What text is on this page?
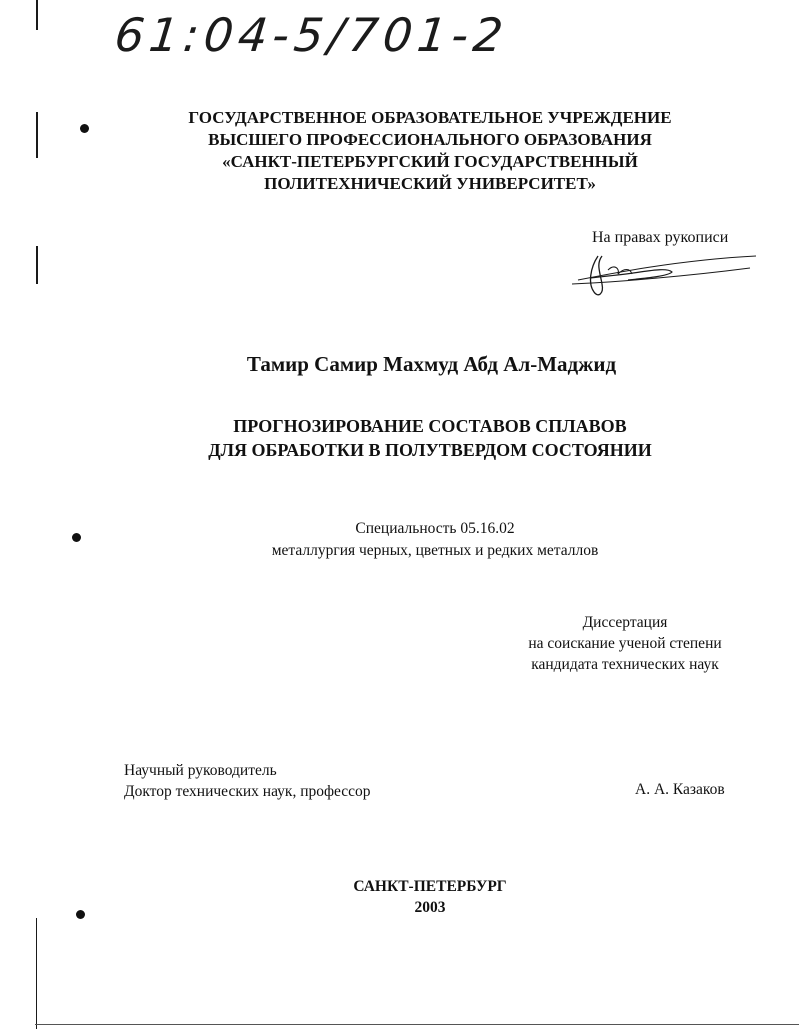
61:04-5/701-2
ГОСУДАРСТВЕННОЕ ОБРАЗОВАТЕЛЬНОЕ УЧРЕЖДЕНИЕ
ВЫСШЕГО ПРОФЕССИОНАЛЬНОГО ОБРАЗОВАНИЯ
«САНКТ-ПЕТЕРБУРГСКИЙ ГОСУДАРСТВЕННЫЙ
ПОЛИТЕХНИЧЕСКИЙ УНИВЕРСИТЕТ»
На правах рукописи
Тамир Самир Махмуд Абд Ал-Маджид
ПРОГНОЗИРОВАНИЕ СОСТАВОВ СПЛАВОВ
ДЛЯ ОБРАБОТКИ В ПОЛУТВЕРДОМ СОСТОЯНИИ
Специальность 05.16.02
металлургия черных, цветных и редких металлов
Диссертация
на соискание ученой степени
кандидата технических наук
Научный руководитель
Доктор технических наук, профессор	А. А. Казаков
САНКТ-ПЕТЕРБУРГ
2003
